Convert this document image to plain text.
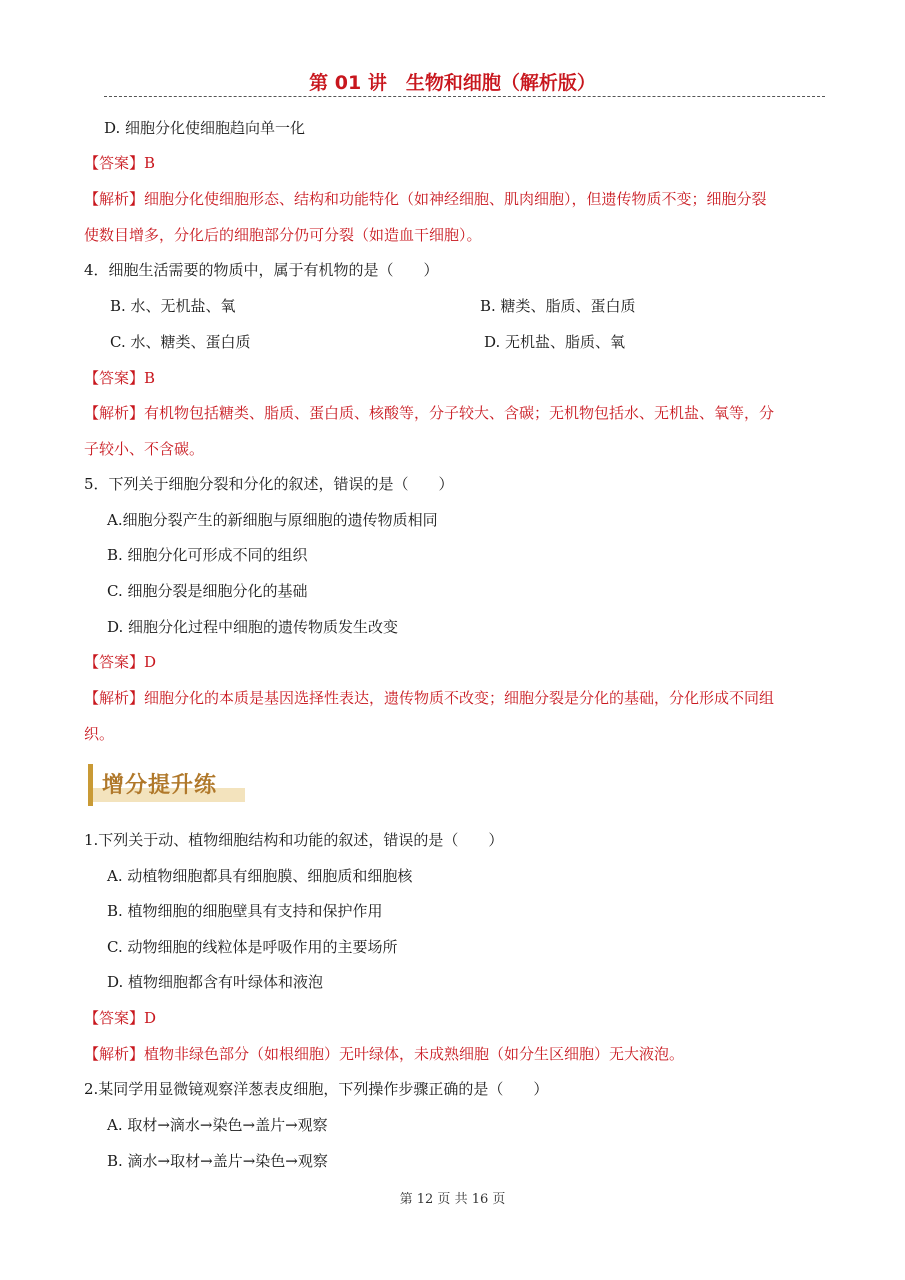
第 01 讲　生物和细胞（解析版）
D. 细胞分化使细胞趋向单一化
【答案】B
【解析】细胞分化使细胞形态、结构和功能特化（如神经细胞、肌肉细胞），但遗传物质不变；细胞分裂
使数目增多，分化后的细胞部分仍可分裂（如造血干细胞）。
4．细胞生活需要的物质中，属于有机物的是（　　）
B. 水、无机盐、氧	B. 糖类、脂质、蛋白质
C. 水、糖类、蛋白质	D. 无机盐、脂质、氧
【答案】B
【解析】有机物包括糖类、脂质、蛋白质、核酸等，分子较大、含碳；无机物包括水、无机盐、氧等，分
子较小、不含碳。
5．下列关于细胞分裂和分化的叙述，错误的是（　　）
A.细胞分裂产生的新细胞与原细胞的遗传物质相同
B. 细胞分化可形成不同的组织
C. 细胞分裂是细胞分化的基础
D. 细胞分化过程中细胞的遗传物质发生改变
【答案】D
【解析】细胞分化的本质是基因选择性表达，遗传物质不改变；细胞分裂是分化的基础，分化形成不同组
织。
1.下列关于动、植物细胞结构和功能的叙述，错误的是（　　）
A. 动植物细胞都具有细胞膜、细胞质和细胞核
B. 植物细胞的细胞壁具有支持和保护作用
C. 动物细胞的线粒体是呼吸作用的主要场所
D. 植物细胞都含有叶绿体和液泡
【答案】D
【解析】植物非绿色部分（如根细胞）无叶绿体，未成熟细胞（如分生区细胞）无大液泡。
2.某同学用显微镜观察洋葱表皮细胞，下列操作步骤正确的是（　　）
A. 取材→滴水→染色→盖片→观察
B. 滴水→取材→盖片→染色→观察
增分提升练
第 12 页 共 16 页
